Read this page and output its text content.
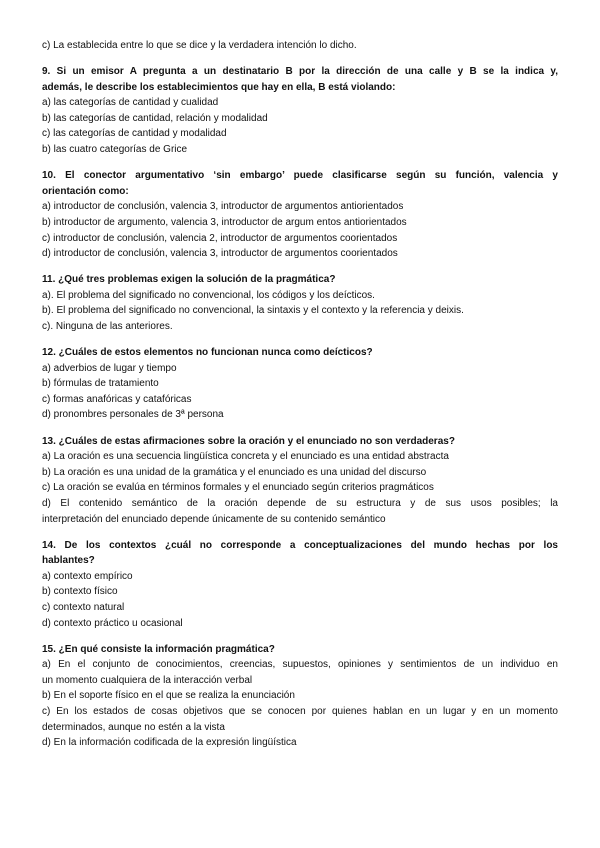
c) La establecida entre lo que se dice y la verdadera intención lo dicho.
9. Si un emisor A pregunta a un destinatario B por la dirección de una calle y B se la indica y,
además, le describe los establecimientos que hay en ella, B está violando:
a) las categorías de cantidad y cualidad
b) las categorías de cantidad, relación y modalidad
c) las categorías de cantidad y modalidad
b) las cuatro categorías de Grice
10. El conector argumentativo ‘sin embargo’ puede clasificarse según su función, valencia y
orientación como:
a) introductor de conclusión, valencia 3, introductor de argumentos antiorientados
b) introductor de argumento, valencia 3, introductor de argum entos antiorientados
c) introductor de conclusión, valencia 2, introductor de argumentos coorientados
d) introductor de conclusión, valencia 3, introductor de argumentos coorientados
11. ¿Qué tres problemas exigen la solución de la pragmática?
a). El problema del significado no convencional, los códigos y los deícticos.
b). El problema del significado no convencional, la sintaxis y el contexto y la referencia y deixis.
c). Ninguna de las anteriores.
12. ¿Cuáles de estos elementos no funcionan nunca como deícticos?
a) adverbios de lugar y tiempo
b) fórmulas de tratamiento
c) formas anafóricas y catafóricas
d) pronombres personales de 3ª persona
13. ¿Cuáles de estas afirmaciones sobre la oración y el enunciado no son verdaderas?
a) La oración es una secuencia lingüística concreta y el enunciado es una entidad abstracta
b) La oración es una unidad de la gramática y el enunciado es una unidad del discurso
c) La oración se evalúa en términos formales y el enunciado según criterios pragmáticos
d) El contenido semántico de la oración depende de su estructura y de sus usos posibles; la
interpretación del enunciado depende únicamente de su contenido semántico
14. De los contextos ¿cuál no corresponde a conceptualizaciones del mundo hechas por los
hablantes?
a) contexto empírico
b) contexto físico
c) contexto natural
d) contexto práctico u ocasional
15. ¿En qué consiste la información pragmática?
a) En el conjunto de conocimientos, creencias, supuestos, opiniones y sentimientos de un individuo en
un momento cualquiera de la interacción verbal
b) En el soporte físico en el que se realiza la enunciación
c) En los estados de cosas objetivos que se conocen por quienes hablan en un lugar y en un momento
determinados, aunque no estén a la vista
d) En la información codificada de la expresión lingüística
